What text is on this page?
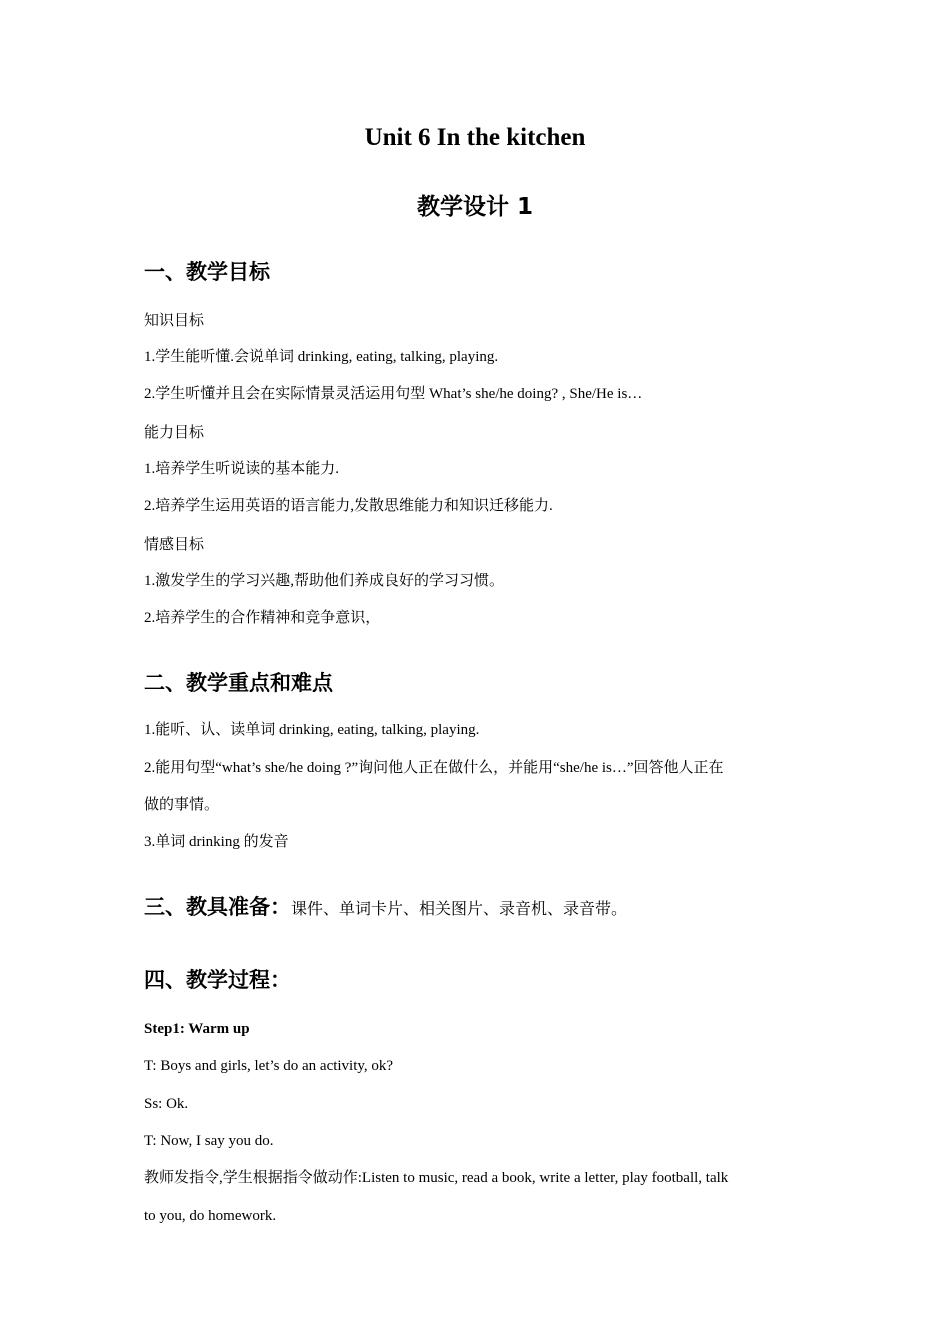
Unit 6 In the kitchen
教学设计 1
一、教学目标
知识目标
1.学生能听懂.会说单词 drinking, eating, talking, playing.
2.学生听懂并且会在实际情景灵活运用句型 What’s she/he doing? , She/He is…
能力目标
1.培养学生听说读的基本能力.
2.培养学生运用英语的语言能力,发散思维能力和知识迁移能力.
情感目标
1.激发学生的学习兴趣,帮助他们养成良好的学习习惯。
2.培养学生的合作精神和竞争意识，
二、教学重点和难点
1.能听、认、读单词 drinking, eating, talking, playing.
2.能用句型“what’s she/he doing ?”询问他人正在做什么，并能用“she/he is…”回答他人正在
做的事情。
3.单词 drinking 的发音
三、教具准备：课件、单词卡片、相关图片、录音机、录音带。
四、教学过程：
Step1: Warm up
T: Boys and girls, let’s do an activity, ok?
Ss: Ok.
T: Now, I say you do.
教师发指令,学生根据指令做动作:Listen to music, read a book, write a letter, play football, talk
to you, do homework.
